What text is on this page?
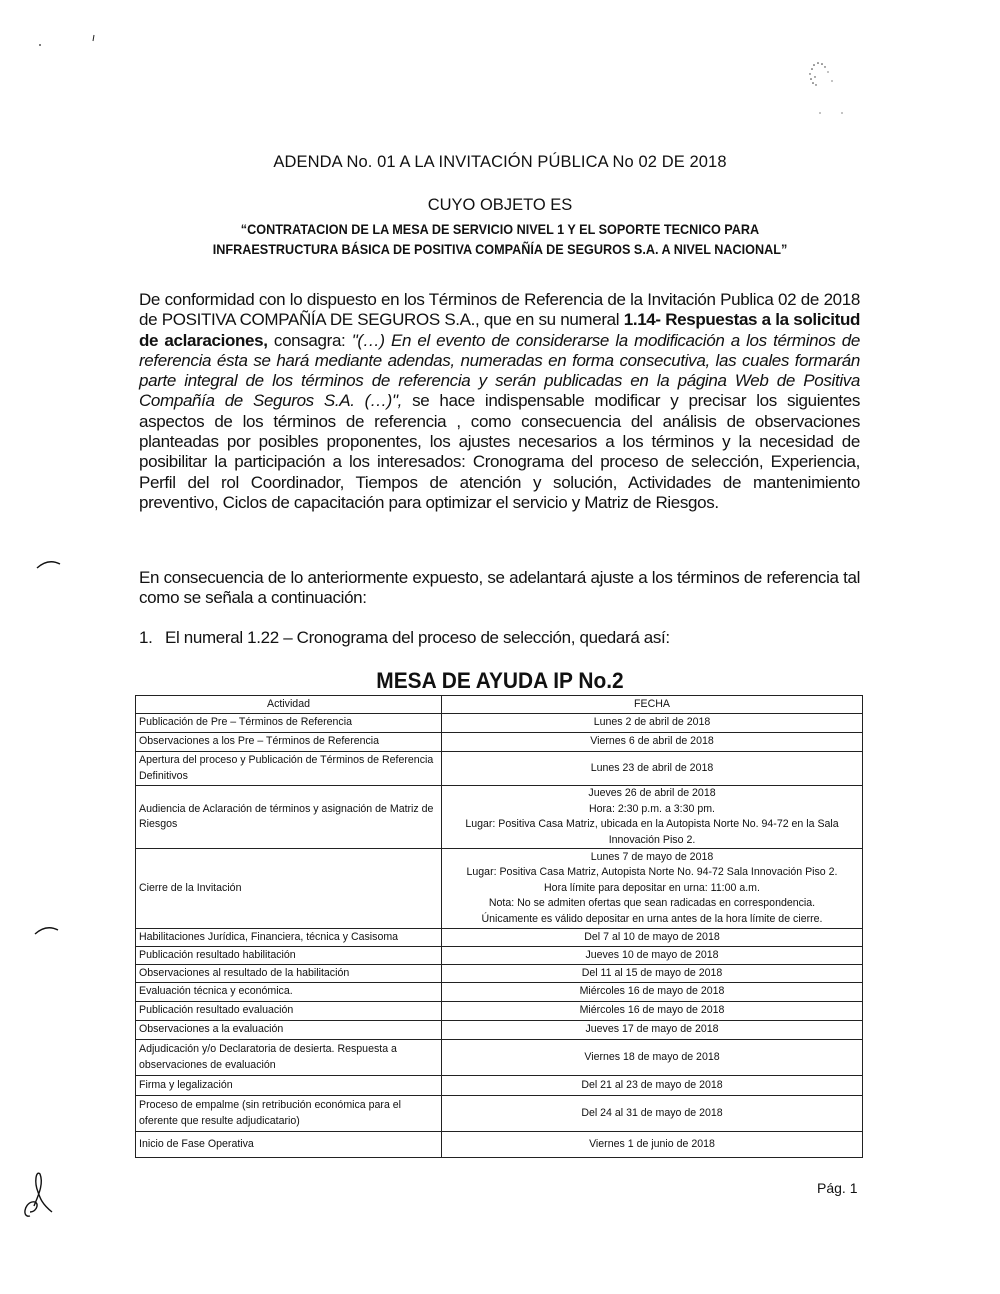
ADENDA No. 01 A LA INVITACIÓN PÚBLICA No 02 DE 2018
CUYO OBJETO ES
“CONTRATACION DE LA MESA DE SERVICIO NIVEL 1 Y EL SOPORTE TECNICO PARA
INFRAESTRUCTURA BÁSICA DE POSITIVA COMPAÑÍA DE SEGUROS S.A. A NIVEL NACIONAL”
De conformidad con lo dispuesto en los Términos de Referencia de la Invitación Publica 02 de 2018 de POSITIVA COMPAÑÍA DE SEGUROS S.A., que en su numeral 1.14- Respuestas a la solicitud de aclaraciones, consagra: "(…) En el evento de considerarse la modificación a los términos de referencia ésta se hará mediante adendas, numeradas en forma consecutiva, las cuales formarán parte integral de los términos de referencia y serán publicadas en la página Web de Positiva Compañía de Seguros S.A. (…)", se hace indispensable modificar y precisar los siguientes aspectos de los términos de referencia , como consecuencia del análisis de observaciones planteadas por posibles proponentes, los ajustes necesarios a los términos y la necesidad de posibilitar la participación a los interesados: Cronograma del proceso de selección, Experiencia, Perfil del rol Coordinador, Tiempos de atención y solución, Actividades de mantenimiento preventivo, Ciclos de capacitación para optimizar el servicio y Matriz de Riesgos.
En consecuencia de lo anteriormente expuesto, se adelantará ajuste a los términos de referencia tal como se señala a continuación:
1. El numeral 1.22 – Cronograma del proceso de selección, quedará así:
MESA DE AYUDA IP No.2
Actividad	FECHA
Publicación de Pre – Términos de Referencia	Lunes 2 de abril de 2018

Observaciones a los Pre – Términos de Referencia	Viernes 6 de abril de 2018

Apertura del proceso y Publicación de Términos de Referencia Definitivos	Lunes 23 de abril de 2018

Audiencia de Aclaración de términos y asignación de Matriz de Riesgos	Jueves 26 de abril de 2018
Hora: 2:30 p.m. a 3:30 pm.
Lugar: Positiva Casa Matriz, ubicada en la Autopista Norte No. 94-72 en la Sala Innovación Piso 2.

Cierre de la Invitación	Lunes 7 de mayo de 2018
Lugar: Positiva Casa Matriz, Autopista Norte No. 94-72 Sala Innovación Piso 2.
Hora límite para depositar en urna: 11:00 a.m.
Nota: No se admiten ofertas que sean radicadas en correspondencia.
Únicamente es válido depositar en urna antes de la hora límite de cierre.

Habilitaciones Jurídica, Financiera, técnica y Casisoma	Del 7 al 10 de mayo de 2018

Publicación resultado habilitación	Jueves 10 de mayo de 2018

Observaciones al resultado de la habilitación	Del 11 al 15 de mayo de 2018

Evaluación técnica y económica.	Miércoles 16 de mayo de 2018

Publicación resultado evaluación	Miércoles 16 de mayo de 2018

Observaciones a la evaluación	Jueves 17 de mayo de 2018

Adjudicación y/o Declaratoria de desierta. Respuesta a observaciones de evaluación	Viernes 18 de mayo de 2018

Firma y legalización	Del 21 al 23 de mayo de 2018

Proceso de empalme (sin retribución económica para el oferente que resulte adjudicatario)	Del 24 al 31 de mayo de 2018

Inicio de Fase Operativa	Viernes 1 de junio de 2018
Pág. 1
